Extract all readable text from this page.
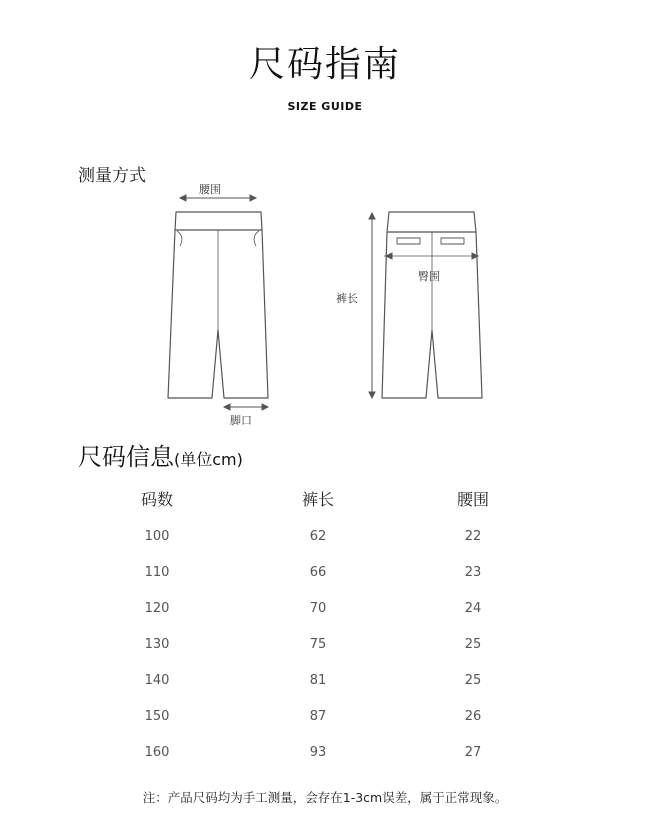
尺码指南
SIZE GUIDE
测量方式
腰围
脚口
裤长
臀围
尺码信息(单位cm)
码数	裤长	腰围
100	62	22
110	66	23
120	70	24
130	75	25
140	81	25
150	87	26
160	93	27
注：产品尺码均为手工测量，会存在1-3cm误差，属于正常现象。
